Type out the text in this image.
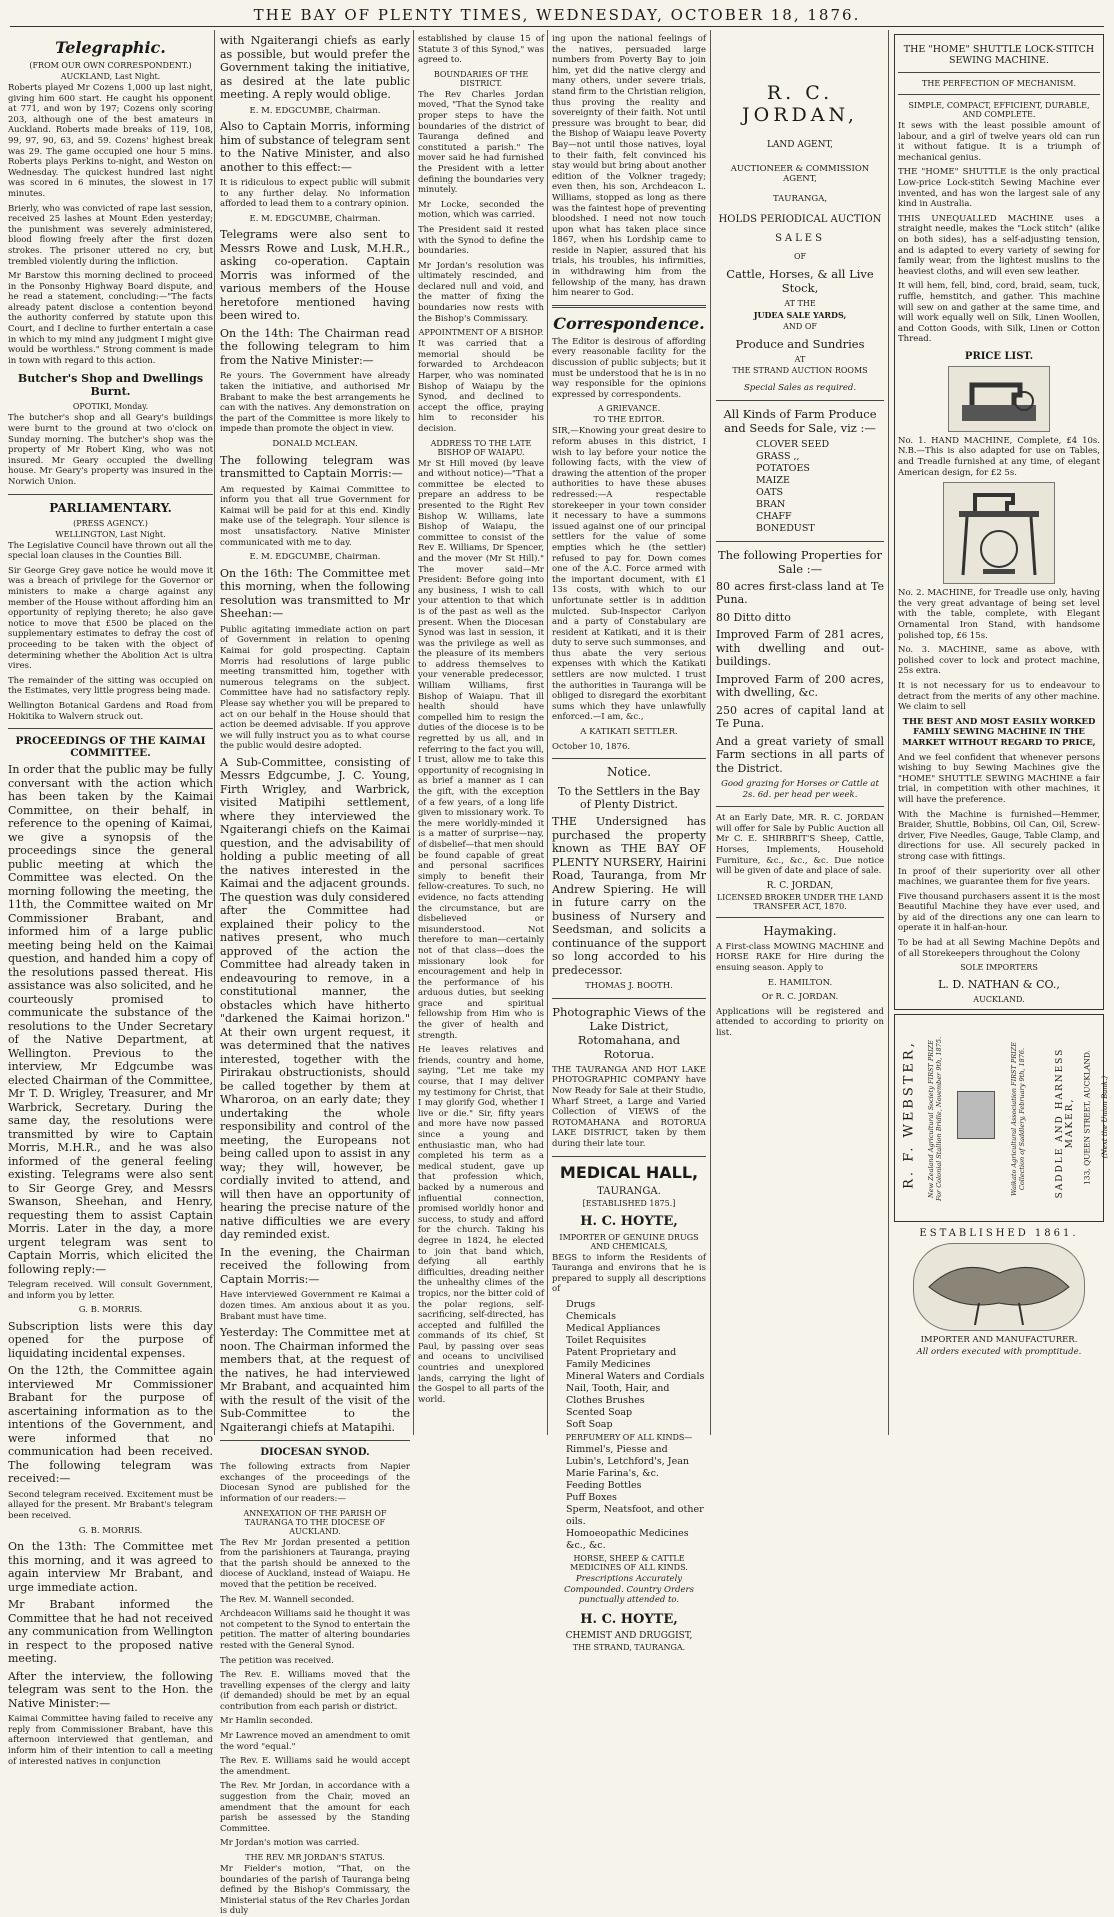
THE BAY OF PLENTY TIMES, WEDNESDAY, OCTOBER 18, 1876.
Telegraphic.
(FROM OUR OWN CORRESPONDENT.)
AUCKLAND, Last Night.

Roberts played Mr Cozens 1,000 up last night, giving him 600 start. He caught his opponent at 771, and won by 197; Cozens only scoring 203, although one of the best amateurs in Auckland. Roberts made breaks of 119, 108, 99, 97, 90, 63, and 59. Cozens' highest break was 29. The game occupied one hour 5 mins. Roberts plays Perkins to-night, and Weston on Wednesday. The quickest hundred last night was scored in 6 minutes, the slowest in 17 minutes.

Brierly, who was convicted of rape last session, received 25 lashes at Mount Eden yesterday; the punishment was severely administered, blood flowing freely after the first dozen strokes. The prisoner uttered no cry, but trembled violently during the infliction.

Mr Barstow this morning declined to proceed in the Ponsonby Highway Board dispute, and he read a statement, concluding:—"The facts already patent disclose a contention beyond the authority conferred by statute upon this Court, and I decline to further entertain a case in which to my mind any judgment I might give would be worthless." Strong comment is made in town with regard to this action.

Butcher's Shop and Dwellings Burnt.
OPOTIKI, Monday.

The butcher's shop and all Geary's buildings were burnt to the ground at two o'clock on Sunday morning. The butcher's shop was the property of Mr Robert King, who was not insured. Mr Geary occupied the dwelling house. Mr Geary's property was insured in the Norwich Union.

PARLIAMENTARY.
(PRESS AGENCY.)
WELLINGTON, Last Night.

The Legislative Council have thrown out all the special loan clauses in the Counties Bill.

Sir George Grey gave notice he would move it was a breach of privilege for the Governor or ministers to make a charge against any member of the House without affording him an opportunity of replying thereto; he also gave notice to move that £500 be placed on the supplementary estimates to defray the cost of proceeding to be taken with the object of determining whether the Abolition Act is ultra vires.

The remainder of the sitting was occupied on the Estimates, very little progress being made.

Wellington Botanical Gardens and Road from Hokitika to Walvern struck out.

PROCEEDINGS OF THE KAIMAI COMMITTEE.

In order that the public may be fully conversant with the action which has been taken by the Kaimai Committee, on their behalf, in reference to the opening of Kaimai, we give a synopsis of the proceedings since the general public meeting at which the Committee was elected. On the morning following the meeting, the 11th, the Committee waited on Mr Commissioner Brabant, and informed him of a large public meeting being held on the Kaimai question, and handed him a copy of the resolutions passed thereat. His assistance was also solicited, and he courteously promised to communicate the substance of the resolutions to the Under Secretary of the Native Department, at Wellington. Previous to the interview, Mr Edgcumbe was elected Chairman of the Committee, Mr T. D. Wrigley, Treasurer, and Mr Warbrick, Secretary. During the same day, the resolutions were transmitted by wire to Captain Morris, M.H.R., and he was also informed of the general feeling existing. Telegrams were also sent to Sir George Grey, and Messrs Swanson, Sheehan, and Henry, requesting them to assist Captain Morris. Later in the day, a more urgent telegram was sent to Captain Morris, which elicited the following reply:—

Telegram received. Will consult Government, and inform you by letter.

G. B. MORRIS.

Subscription lists were this day opened for the purpose of liquidating incidental expenses.

On the 12th, the Committee again interviewed Mr Commissioner Brabant for the purpose of ascertaining information as to the intentions of the Government, and were informed that no communication had been received. The following telegram was received:—

Second telegram received. Excitement must be allayed for the present. Mr Brabant's telegram been received.

G. B. MORRIS.

On the 13th: The Committee met this morning, and it was agreed to again interview Mr Brabant, and urge immediate action.

Mr Brabant informed the Committee that he had not received any communication from Wellington in respect to the proposed native meeting.

After the interview, the following telegram was sent to the Hon. the Native Minister:—

Kaimai Committee having failed to receive any reply from Commissioner Brabant, have this afternoon interviewed that gentleman, and inform him of their intention to call a meeting of interested natives in conjunction

with Ngaiterangi chiefs as early as possible, but would prefer the Government taking the initiative, as desired at the late public meeting. A reply would oblige.

E. M. EDGCUMBE, Chairman.

Also to Captain Morris, informing him of substance of telegram sent to the Native Minister, and also another to this effect:—

It is ridiculous to expect public will submit to any further delay. No information afforded to lead them to a contrary opinion.

E. M. EDGCUMBE, Chairman.

Telegrams were also sent to Messrs Rowe and Lusk, M.H.R., asking co-operation. Captain Morris was informed of the various members of the House heretofore mentioned having been wired to.

On the 14th: The Chairman read the following telegram to him from the Native Minister:—

Re yours. The Government have already taken the initiative, and authorised Mr Brabant to make the best arrangements he can with the natives. Any demonstration on the part of the Committee is more likely to impede than promote the object in view.

DONALD MCLEAN.

The following telegram was transmitted to Captain Morris:—

Am requested by Kaimai Committee to inform you that all true Government for Kaimai will be paid for at this end. Kindly make use of the telegraph. Your silence is most unsatisfactory. Native Minister communicated with me to day.

E. M. EDGCUMBE, Chairman.

On the 16th: The Committee met this morning, when the following resolution was transmitted to Mr Sheehan:—

Public agitating immediate action on part of Government in relation to opening Kaimai for gold prospecting. Captain Morris had resolutions of large public meeting transmitted him, together with numerous telegrams on the subject. Committee have had no satisfactory reply. Please say whether you will be prepared to act on our behalf in the House should that action be deemed advisable. If you approve we will fully instruct you as to what course the public would desire adopted.

A Sub-Committee, consisting of Messrs Edgcumbe, J. C. Young, Firth Wrigley, and Warbrick, visited Matipihi settlement, where they interviewed the Ngaiterangi chiefs on the Kaimai question, and the advisability of holding a public meeting of all the natives interested in the Kaimai and the adjacent grounds. The question was duly considered after the Committee had explained their policy to the natives present, who much approved of the action the Committee had already taken in endeavouring to remove, in a constitutional manner, the obstacles which have hitherto "darkened the Kaimai horizon." At their own urgent request, it was determined that the natives interested, together with the Pirirakau obstructionists, should be called together by them at Wharoroa, on an early date; they undertaking the whole responsibility and control of the meeting, the Europeans not being called upon to assist in any way; they will, however, be cordially invited to attend, and will then have an opportunity of hearing the precise nature of the native difficulties we are every day reminded exist.

In the evening, the Chairman received the following from Captain Morris:—

Have interviewed Government re Kaimai a dozen times. Am anxious about it as you. Brabant must have time.

Yesterday: The Committee met at noon. The Chairman informed the members that, at the request of the natives, he had interviewed Mr Brabant, and acquainted him with the result of the visit of the Sub-Committee to the Ngaiterangi chiefs at Matapihi.

DIOCESAN SYNOD.

The following extracts from Napier exchanges of the proceedings of the Diocesan Synod are published for the information of our readers:—

ANNEXATION OF THE PARISH OF TAURANGA TO THE DIOCESE OF AUCKLAND.

The Rev Mr Jordan presented a petition from the parishioners at Tauranga, praying that the parish should be annexed to the diocese of Auckland, instead of Waiapu. He moved that the petition be received.

The Rev. M. Wannell seconded.

Archdeacon Williams said he thought it was not competent to the Synod to entertain the petition. The matter of altering boundaries rested with the General Synod.

The petition was received.

The Rev. E. Williams moved that the travelling expenses of the clergy and laity (if demanded) should be met by an equal contribution from each parish or district.

Mr Hamlin seconded.

Mr Lawrence moved an amendment to omit the word "equal."

The Rev. E. Williams said he would accept the amendment.

The Rev. Mr Jordan, in accordance with a suggestion from the Chair, moved an amendment that the amount for each parish be assessed by the Standing Committee.

Mr Jordan's motion was carried.

THE REV. MR JORDAN'S STATUS.

Mr Fielder's motion, "That, on the boundaries of the parish of Tauranga being defined by the Bishop's Commissary, the Ministerial status of the Rev Charles Jordan is duly

established by clause 15 of Statute 3 of this Synod," was agreed to.

BOUNDARIES OF THE DISTRICT.

The Rev Charles Jordan moved, "That the Synod take proper steps to have the boundaries of the district of Tauranga defined and constituted a parish." The mover said he had furnished the President with a letter defining the boundaries very minutely.

Mr Locke, seconded the motion, which was carried.

The President said it rested with the Synod to define the boundaries.

Mr Jordan's resolution was ultimately rescinded, and declared null and void, and the matter of fixing the boundaries now rests with the Bishop's Commissary.

APPOINTMENT OF A BISHOP.

It was carried that a memorial should be forwarded to Archdeacon Harper, who was nominated Bishop of Waiapu by the Synod, and declined to accept the office, praying him to reconsider his decision.

ADDRESS TO THE LATE BISHOP OF WAIAPU.

Mr St Hill moved (by leave and without notice)—"That a committee be elected to prepare an address to be presented to the Right Rev Bishop W. Williams, late Bishop of Waiapu, the committee to consist of the Rev E. Williams, Dr Spencer, and the mover (Mr St Hill)." The mover said—Mr President: Before going into any business, I wish to call your attention to that which is of the past as well as the present. When the Diocesan Synod was last in session, it was the privilege as well as the pleasure of its members to address themselves to your venerable predecessor, William Williams, first Bishop of Waiapu. That ill health should have compelled him to resign the duties of the diocese is to be regretted by us all, and in referring to the fact you will, I trust, allow me to take this opportunity of recognising in as brief a manner as I can the gift, with the exception of a few years, of a long life given to missionary work. To the mere worldly-minded it is a matter of surprise—nay, of disbelief—that men should be found capable of great and personal sacrifices simply to benefit their fellow-creatures. To such, no evidence, no facts attending the circumstance, but are disbelieved or misunderstood. Not therefore to man—certainly not of that class—does the missionary look for encouragement and help in the performance of his arduous duties, but seeking grace and spiritual fellowship from Him who is the giver of health and strength.

He leaves relatives and friends, country and home, saying, "Let me take my course, that I may deliver my testimony for Christ, that I may glorify God, whether I live or die." Sir, fifty years and more have now passed since a young and enthusiastic man, who had completed his term as a medical student, gave up that profession which, backed by a numerous and influential connection, promised worldly honor and success, to study and afford for the church. Taking his degree in 1824, he elected to join that band which, defying all earthly difficulties, dreading neither the unhealthy climes of the tropics, nor the bitter cold of the polar regions, self-sacrificing, self-directed, has accepted and fulfilled the commands of its chief, St Paul, by passing over seas and oceans to uncivilised countries and unexplored lands, carrying the light of the Gospel to all parts of the world.

ing upon the national feelings of the natives, persuaded large numbers from Poverty Bay to join him, yet did the native clergy and many others, under severe trials, stand firm to the Christian religion, thus proving the reality and sovereignty of their faith. Not until pressure was brought to bear, did the Bishop of Waiapu leave Poverty Bay—not until those natives, loyal to their faith, felt convinced his stay would but bring about another edition of the Volkner tragedy; even then, his son, Archdeacon L. Williams, stopped as long as there was the faintest hope of preventing bloodshed. I need not now touch upon what has taken place since 1867, when his Lordship came to reside in Napier, assured that his trials, his troubles, his infirmities, in withdrawing him from the fellowship of the many, has drawn him nearer to God.

Correspondence.

The Editor is desirous of affording every reasonable facility for the discussion of public subjects; but it must be understood that he is in no way responsible for the opinions expressed by correspondents.

A GRIEVANCE.
TO THE EDITOR.

SIR,—Knowing your great desire to reform abuses in this district, I wish to lay before your notice the following facts, with the view of drawing the attention of the proper authorities to have these abuses redressed:—A respectable storekeeper in your town consider it necessary to have a summons issued against one of our principal settlers for the value of some empties which he (the settler) refused to pay for. Down comes one of the A.C. Force armed with the important document, with £1 13s costs, with which to our unfortunate settler is in addition mulcted. Sub-Inspector Carlyon and a party of Constabulary are resident at Katikati, and it is their duty to serve such summonses, and thus abate the very serious expenses with which the Katikati settlers are now mulcted. I trust the authorities in Tauranga will be obliged to disregard the exorbitant sums which they have unlawfully enforced.—I am, &c.,

A KATIKATI SETTLER.

October 10, 1876.

Notice.
To the Settlers in the Bay of Plenty District.

THE Undersigned has purchased the property known as THE BAY OF PLENTY NURSERY, Hairini Road, Tauranga, from Mr Andrew Spiering. He will in future carry on the business of Nursery and Seedsman, and solicits a continuance of the support so long accorded to his predecessor.

THOMAS J. BOOTH.

Photographic Views of the Lake District, Rotomahana, and Rotorua.

THE TAURANGA AND HOT LAKE PHOTOGRAPHIC COMPANY have Now Ready for Sale at their Studio, Wharf Street, a Large and Varied Collection of VIEWS of the ROTOMAHANA and ROTORUA LAKE DISTRICT, taken by them during their late tour.

MEDICAL HALL,
TAURANGA.
[ESTABLISHED 1875.]
H. C. HOYTE,
IMPORTER OF GENUINE DRUGS AND CHEMICALS,

BEGS to inform the Residents of Tauranga and environs that he is prepared to supply all descriptions of

Drugs
Chemicals
Medical Appliances
Toilet Requisites
Patent Proprietary and Family Medicines
Mineral Waters and Cordials
Nail, Tooth, Hair, and Clothes Brushes
Scented Soap
Soft Soap
PERFUMERY OF ALL KINDS—
Rimmel's, Piesse and Lubin's, Letchford's, Jean Marie Farina's, &c.
Feeding Bottles
Puff Boxes
Sperm, Neatsfoot, and other oils.
Homoeopathic Medicines
&c., &c.
HORSE, SHEEP & CATTLE MEDICINES OF ALL KINDS.

Prescriptions Accurately Compounded. Country Orders punctually attended to.

H. C. HOYTE,
CHEMIST AND DRUGGIST,
THE STRAND, TAURANGA.
R. C. JORDAN,
LAND AGENT,
AUCTIONEER & COMMISSION AGENT,
TAURANGA,
HOLDS PERIODICAL AUCTION
SALES
OF
Cattle, Horses, & all Live Stock,
AT THE
JUDEA SALE YARDS,
AND OF
Produce and Sundries
AT
THE STRAND AUCTION ROOMS

Special Sales as required.

All Kinds of Farm Produce and Seeds for Sale, viz :—
CLOVER SEED
GRASS ,,
POTATOES
MAIZE
OATS
BRAN
CHAFF
BONEDUST
The following Properties for Sale :—

80 acres first-class land at Te Puna.

80 Ditto ditto

Improved Farm of 281 acres, with dwelling and out-buildings.

Improved Farm of 200 acres, with dwelling, &c.

250 acres of capital land at Te Puna.

And a great variety of small Farm sections in all parts of the District.

Good grazing for Horses or Cattle at 2s. 6d. per head per week.

At an Early Date, MR. R. C. JORDAN will offer for Sale by Public Auction all Mr C. E. SHIRBRIT'S Sheep, Cattle, Horses, Implements, Household Furniture, &c., &c., &c. Due notice will be given of date and place of sale.

R. C. JORDAN,
LICENSED BROKER UNDER THE LAND TRANSFER ACT, 1870.
Haymaking.

A First-class MOWING MACHINE and HORSE RAKE for Hire during the ensuing season. Apply to

E. HAMILTON.

Or R. C. JORDAN.

Applications will be registered and attended to according to priority on list.

THE "HOME" SHUTTLE LOCK-STITCH SEWING MACHINE.
THE PERFECTION OF MECHANISM.
SIMPLE, COMPACT, EFFICIENT, DURABLE, AND COMPLETE.

It sews with the least possible amount of labour, and a girl of twelve years old can run it without fatigue. It is a triumph of mechanical genius.

THE "HOME" SHUTTLE is the only practical Low-price Lock-stitch Sewing Machine ever invented, and has won the largest sale of any kind in Australia.

THIS UNEQUALLED MACHINE uses a straight needle, makes the "Lock stitch" (alike on both sides), has a self-adjusting tension, and is adapted to every variety of sewing for family wear, from the lightest muslins to the heaviest cloths, and will even sew leather.

It will hem, fell, bind, cord, braid, seam, tuck, ruffle, hemstitch, and gather. This machine will sew on and gather at the same time, and will work equally well on Silk, Linen Woollen, and Cotton Goods, with Silk, Linen or Cotton Thread.

PRICE LIST.

No. 1. HAND MACHINE, Complete, £4 10s. N.B.—This is also adapted for use on Tables, and Treadle furnished at any time, of elegant American design, for £2 5s.

No. 2. MACHINE, for Treadle use only, having the very great advantage of being set level with the table, complete, with Elegant Ornamental Iron Stand, with handsome polished top, £6 15s.

No. 3. MACHINE, same as above, with polished cover to lock and protect machine, 25s extra.

It is not necessary for us to endeavour to detract from the merits of any other machine. We claim to sell

THE BEST AND MOST EASILY WORKED FAMILY SEWING MACHINE IN THE MARKET WITHOUT REGARD TO PRICE,

And we feel confident that whenever persons wishing to buy Sewing Machines give the "HOME" SHUTTLE SEWING MACHINE a fair trial, in competition with other machines, it will have the preference.

With the Machine is furnished—Hemmer, Braider, Shuttle, Bobbins, Oil Can, Oil, Screw-driver, Five Needles, Gauge, Table Clamp, and directions for use. All securely packed in strong case with fittings.

In proof of their superiority over all other machines, we guarantee them for five years.

Five thousand purchasers assent it is the most Beautiful Machine they have ever used, and by aid of the directions any one can learn to operate it in half-an-hour.

To be had at all Sewing Machine Depôts and of all Storekeepers throughout the Colony

SOLE IMPORTERS
L. D. NATHAN & CO.,
AUCKLAND.
R. F. WEBSTER, New Zealand Agricultural Society FIRST PRIZE For Colonial Stallion Bridle, November 9th, 1875.	Waikato Agricultural Association FIRST PRIZE Collection of Saddlery, February 9th, 1876.	SADDLE AND HARNESS MAKER, 133, QUEEN STREET, AUCKLAND. (Next the Union Bank.)
ESTABLISHED 1861.
IMPORTER AND MANUFACTURER.
All orders executed with promptitude.
